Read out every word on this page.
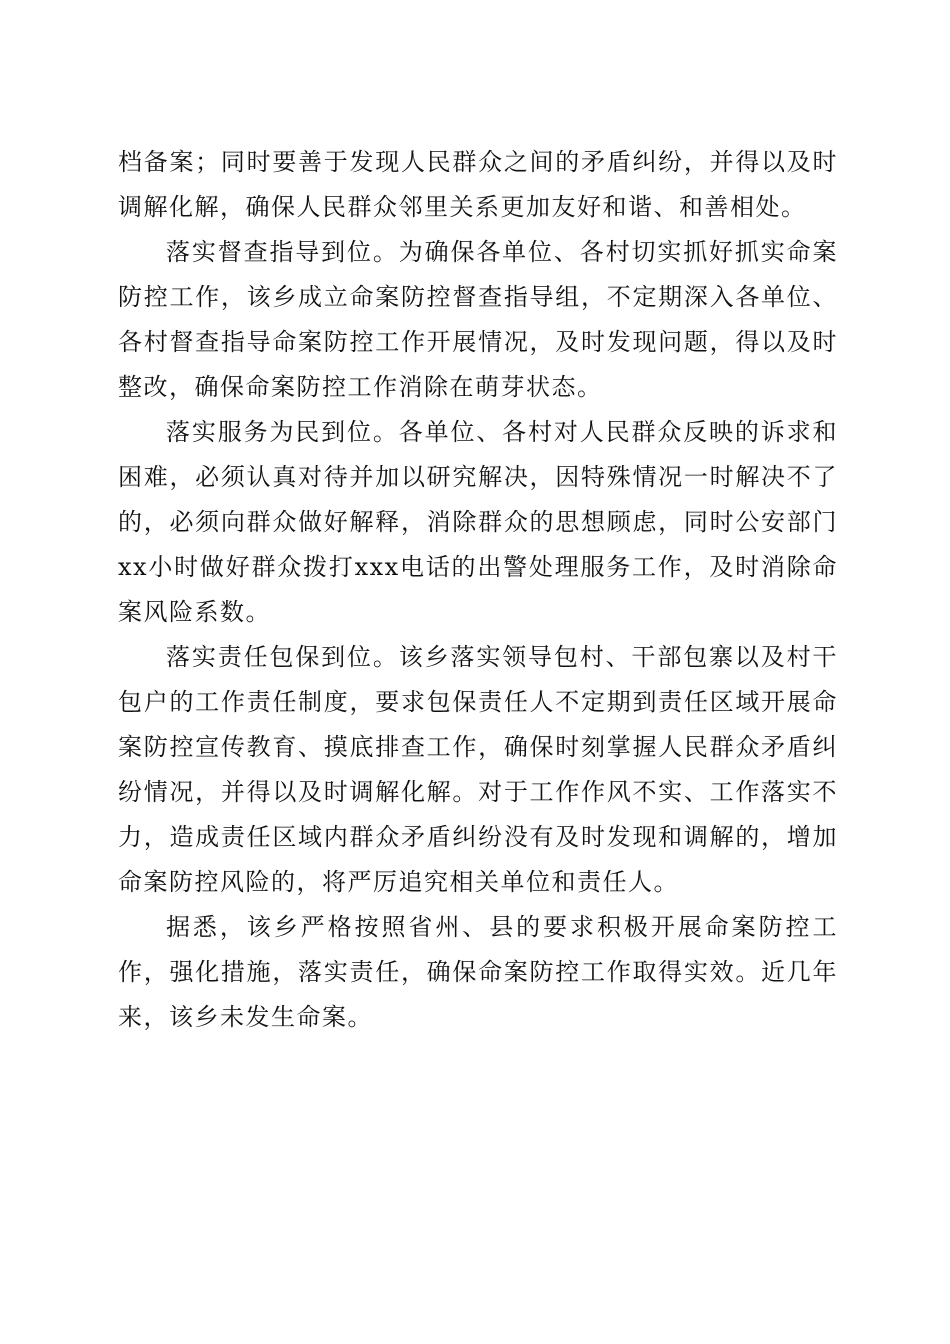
档备案；同时要善于发现人民群众之间的矛盾纠纷，并得以及时调解化解，确保人民群众邻里关系更加友好和谐、和善相处。

落实督查指导到位。为确保各单位、各村切实抓好抓实命案防控工作，该乡成立命案防控督查指导组，不定期深入各单位、各村督查指导命案防控工作开展情况，及时发现问题，得以及时整改，确保命案防控工作消除在萌芽状态。

落实服务为民到位。各单位、各村对人民群众反映的诉求和困难，必须认真对待并加以研究解决，因特殊情况一时解决不了的，必须向群众做好解释，消除群众的思想顾虑，同时公安部门xx小时做好群众拨打xxx电话的出警处理服务工作，及时消除命案风险系数。

落实责任包保到位。该乡落实领导包村、干部包寨以及村干包户的工作责任制度，要求包保责任人不定期到责任区域开展命案防控宣传教育、摸底排查工作，确保时刻掌握人民群众矛盾纠纷情况，并得以及时调解化解。对于工作作风不实、工作落实不力，造成责任区域内群众矛盾纠纷没有及时发现和调解的，增加命案防控风险的，将严厉追究相关单位和责任人。

据悉，该乡严格按照省州、县的要求积极开展命案防控工作，强化措施，落实责任，确保命案防控工作取得实效。近几年来，该乡未发生命案。
